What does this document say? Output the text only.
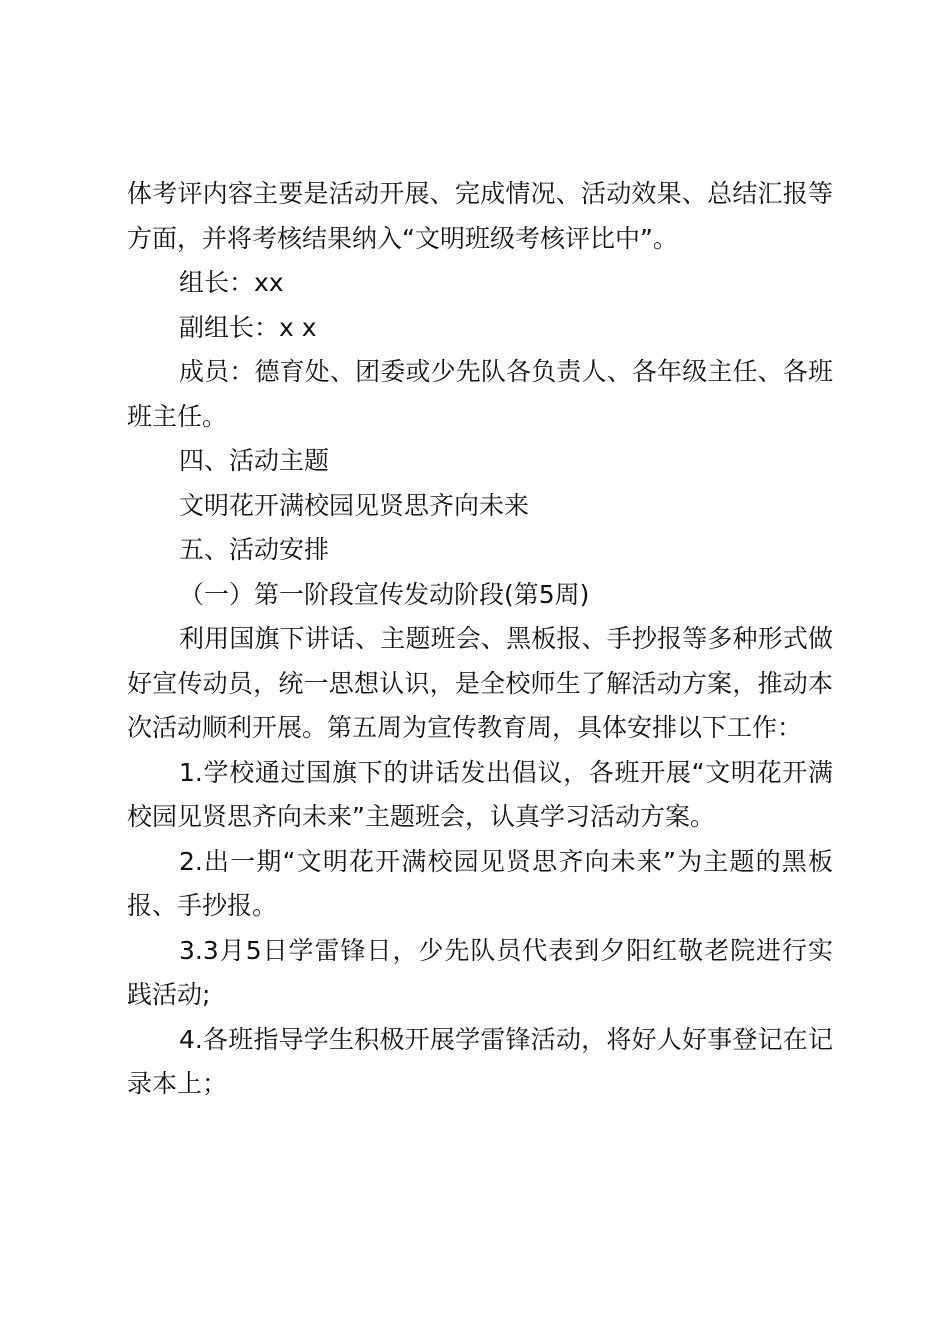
体考评内容主要是活动开展、完成情况、活动效果、总结汇报等方面，并将考核结果纳入“文明班级考核评比中”。

组长：xx

副组长：x x

成员：德育处、团委或少先队各负责人、各年级主任、各班班主任。

四、活动主题

文明花开满校园见贤思齐向未来

五、活动安排

（一）第一阶段宣传发动阶段(第5周)

利用国旗下讲话、主题班会、黑板报、手抄报等多种形式做好宣传动员，统一思想认识，是全校师生了解活动方案，推动本次活动顺利开展。第五周为宣传教育周，具体安排以下工作：

1.学校通过国旗下的讲话发出倡议，各班开展“文明花开满校园见贤思齐向未来”主题班会，认真学习活动方案。

2.出一期“文明花开满校园见贤思齐向未来”为主题的黑板报、手抄报。

3.3月5日学雷锋日，少先队员代表到夕阳红敬老院进行实践活动;

4.各班指导学生积极开展学雷锋活动，将好人好事登记在记录本上；
